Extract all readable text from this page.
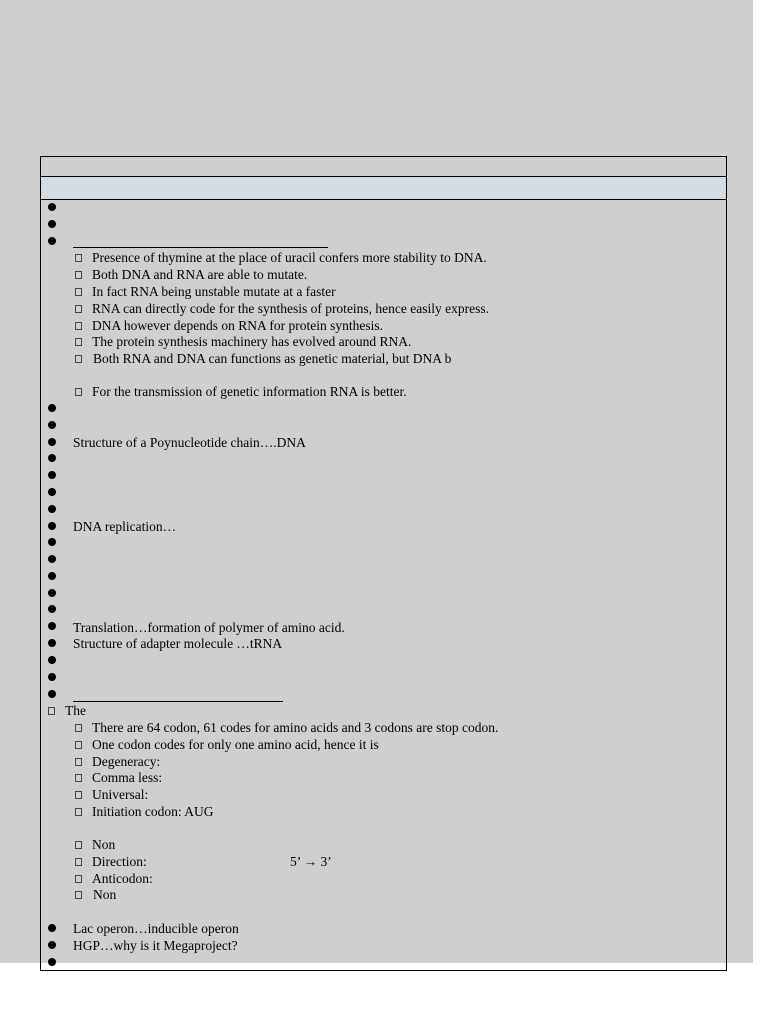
Presence of thymine at the place of uracil confers more stability to DNA.
Both DNA and RNA are able to mutate.
In fact RNA being unstable mutate at a faster
RNA can directly code for the synthesis of proteins, hence easily express.
DNA however depends on RNA for protein synthesis.
The protein synthesis machinery has evolved around RNA.
Both RNA and DNA can functions as genetic material, but DNA b
For the transmission of genetic information RNA is better.
Structure of a Poynucleotide chain….DNA
DNA replication…
Translation…formation of polymer of amino acid.
Structure of adapter molecule …tRNA
The
There are 64 codon, 61 codes for amino acids and 3 codons are stop codon.
One codon codes for only one amino acid, hence it is
Degeneracy:
Comma less:
Universal:
Initiation codon: AUG
Non
Direction:	5’ → 3’
Anticodon:
Non
Lac operon…inducible operon
HGP…why is it Megaproject?
